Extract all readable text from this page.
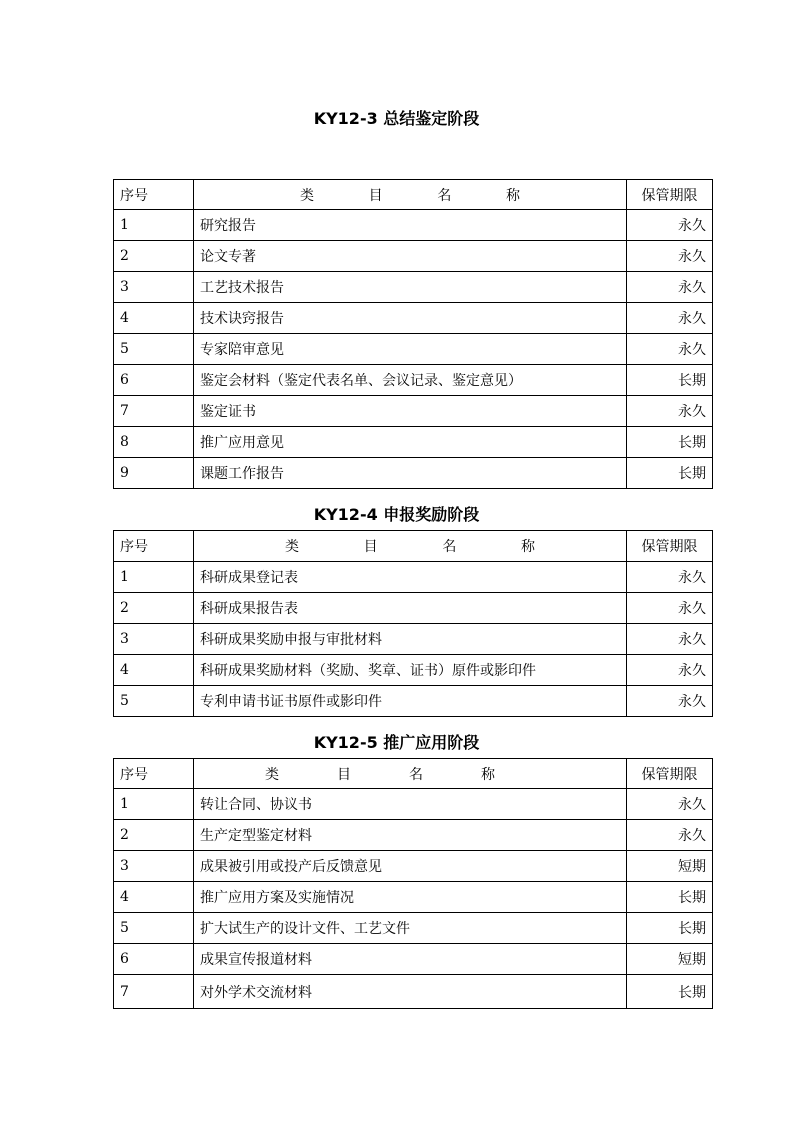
KY12-3 总结鉴定阶段
序号	类 目 名 称	保管期限
1	研究报告	永久
2	论文专著	永久
3	工艺技术报告	永久
4	技术诀窍报告	永久
5	专家陪审意见	永久
6	鉴定会材料（鉴定代表名单、会议记录、鉴定意见）	长期
7	鉴定证书	永久
8	推广应用意见	长期
9	课题工作报告	长期
KY12-4 申报奖励阶段
序号	类 目 名 称	保管期限
1	科研成果登记表	永久
2	科研成果报告表	永久
3	科研成果奖励申报与审批材料	永久
4	科研成果奖励材料（奖励、奖章、证书）原件或影印件	永久
5	专利申请书证书原件或影印件	永久
KY12-5 推广应用阶段
序号	类 目 名 称	保管期限
1	转让合同、协议书	永久
2	生产定型鉴定材料	永久
3	成果被引用或投产后反馈意见	短期
4	推广应用方案及实施情况	长期
5	扩大试生产的设计文件、工艺文件	长期
6	成果宣传报道材料	短期
7	对外学术交流材料	长期
